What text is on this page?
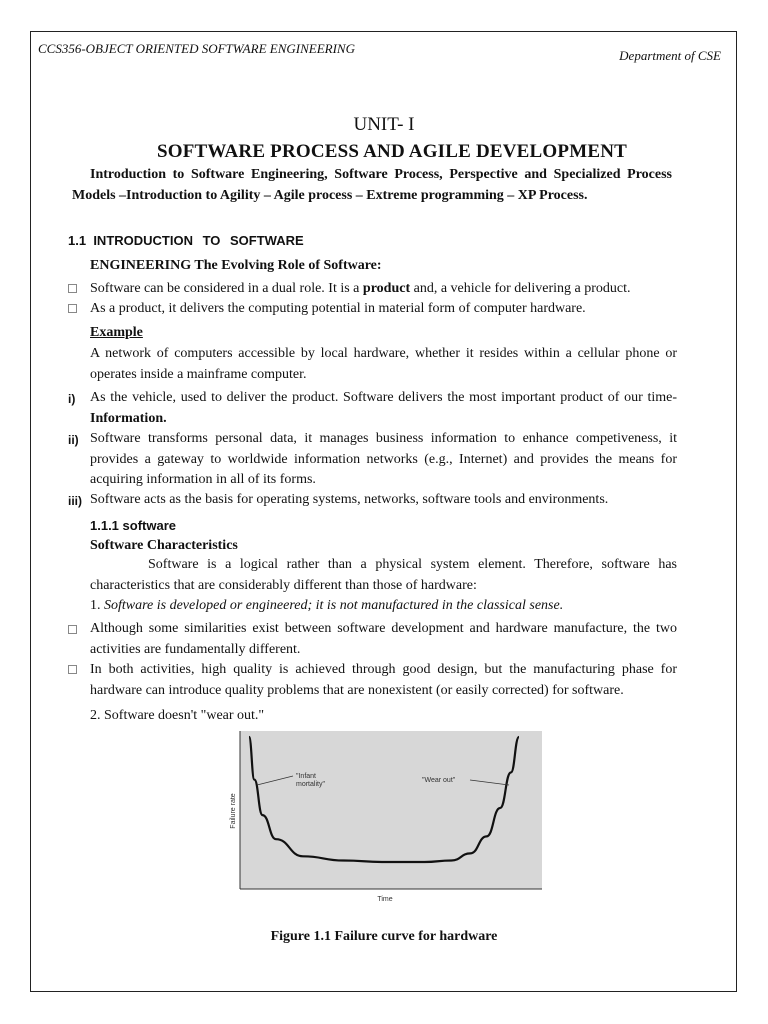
CCS356-OBJECT ORIENTED SOFTWARE ENGINEERING	Department of CSE
UNIT- I
SOFTWARE PROCESS AND AGILE DEVELOPMENT
Introduction to Software Engineering, Software Process, Perspective and Specialized Process Models –Introduction to Agility – Agile process – Extreme programming – XP Process.
1.1 INTRODUCTION TO SOFTWARE
ENGINEERING The Evolving Role of Software:
Software can be considered in a dual role. It is a product and, a vehicle for delivering a product.
As a product, it delivers the computing potential in material form of computer hardware.
Example
A network of computers accessible by local hardware, whether it resides within a cellular phone or operates inside a mainframe computer.
i) As the vehicle, used to deliver the product. Software delivers the most important product of our time- Information.
ii) Software transforms personal data, it manages business information to enhance competiveness, it provides a gateway to worldwide information networks (e.g., Internet) and provides the means for acquiring information in all of its forms.
iii) Software acts as the basis for operating systems, networks, software tools and environments.
1.1.1 software
Software Characteristics
Software is a logical rather than a physical system element. Therefore, software has characteristics that are considerably different than those of hardware:
1. Software is developed or engineered; it is not manufactured in the classical sense.
Although some similarities exist between software development and hardware manufacture, the two activities are fundamentally different.
In both activities, high quality is achieved through good design, but the manufacturing phase for hardware can introduce quality problems that are nonexistent (or easily corrected) for software.
2. Software doesn't "wear out."
"Infant mortality"
"Wear out"
Time
Failure rate
Figure 1.1 Failure curve for hardware
